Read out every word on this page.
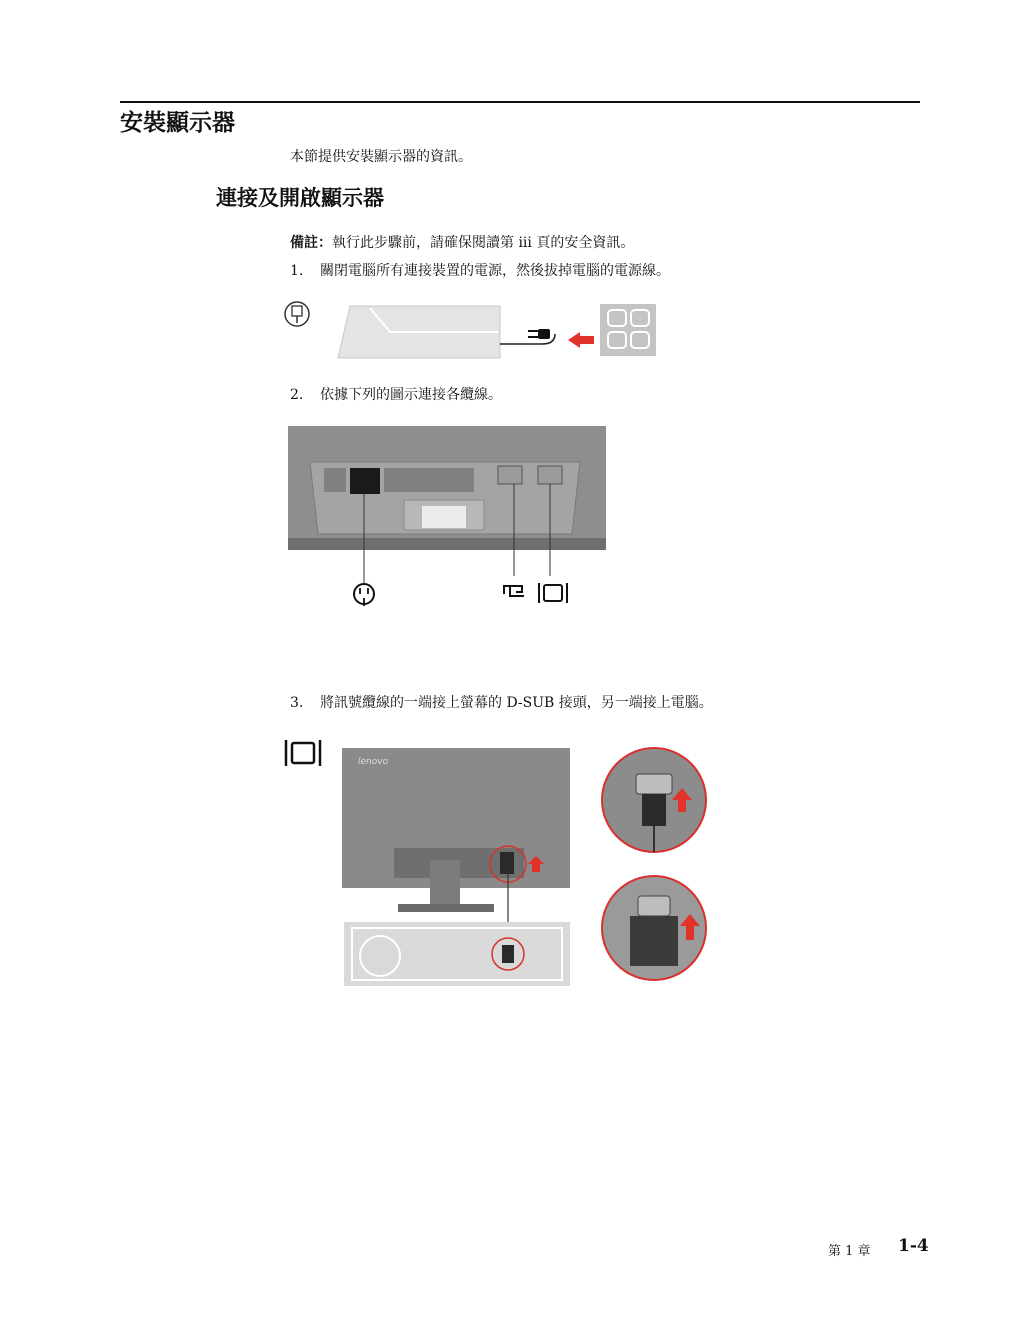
安裝顯示器
本節提供安裝顯示器的資訊。
連接及開啟顯示器
備註：執行此步驟前，請確保閱讀第 iii 頁的安全資訊。
1. 關閉電腦所有連接裝置的電源，然後拔掉電腦的電源線。
2. 依據下列的圖示連接各纜線。
3. 將訊號纜線的一端接上螢幕的 D-SUB 接頭，另一端接上電腦。
lenovo
第 1 章 1-4
